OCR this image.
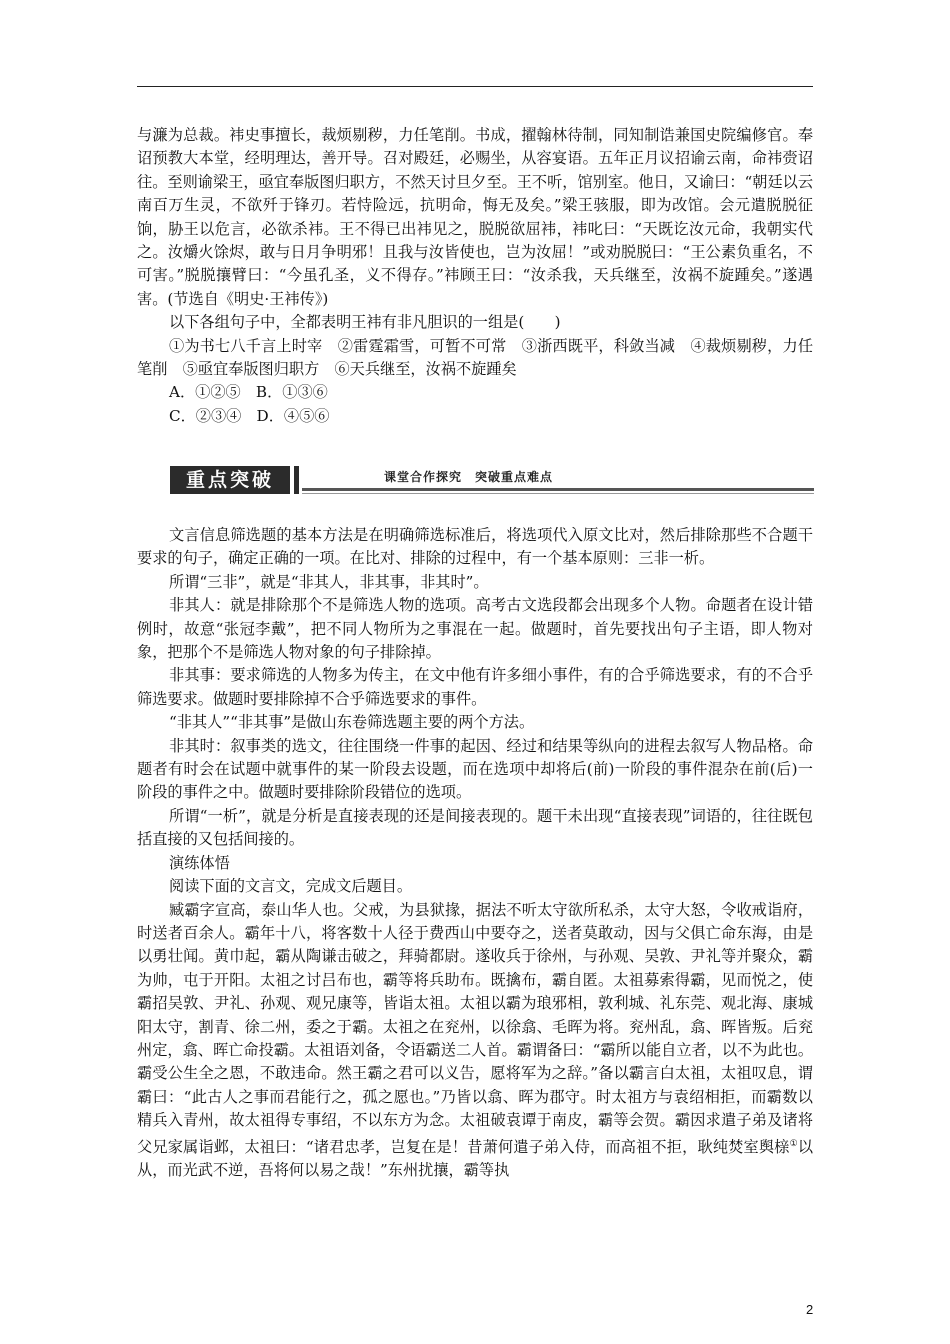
与濂为总裁。袆史事擅长，裁烦剔秽，力任笔削。书成，擢翰林待制，同知制诰兼国史院编修官。奉诏预教大本堂，经明理达，善开导。召对殿廷，必赐坐，从容宴语。五年正月议招谕云南，命袆赍诏往。至则谕梁王，亟宜奉版图归职方，不然天讨旦夕至。王不听，馆别室。他日，又谕曰：“朝廷以云南百万生灵，不欲歼于锋刃。若恃险远，抗明命，悔无及矣。”梁王骇服，即为改馆。会元遣脱脱征饷，胁王以危言，必欲杀袆。王不得已出袆见之，脱脱欲屈袆，袆叱曰：“天既讫汝元命，我朝实代之。汝爝火馀烬，敢与日月争明邪！且我与汝皆使也，岂为汝屈！”或劝脱脱曰：“王公素负重名，不可害。”脱脱攘臂曰：“今虽孔圣，义不得存。”袆顾王曰：“汝杀我，天兵继至，汝祸不旋踵矣。”遂遇害。(节选自《明史·王袆传》)

以下各组句子中，全都表明王袆有非凡胆识的一组是(　　)

①为书七八千言上时宰　②雷霆霜雪，可暂不可常　③浙西既平，科敛当减　④裁烦剔秽，力任笔削　⑤亟宜奉版图归职方　⑥天兵继至，汝祸不旋踵矣

A．①②⑤　B．①③⑥

C．②③④　D．④⑤⑥

重点突破	课堂合作探究　突破重点难点

文言信息筛选题的基本方法是在明确筛选标准后，将选项代入原文比对，然后排除那些不合题干要求的句子，确定正确的一项。在比对、排除的过程中，有一个基本原则：三非一析。

所谓“三非”，就是“非其人，非其事，非其时”。

非其人：就是排除那个不是筛选人物的选项。高考古文选段都会出现多个人物。命题者在设计错例时，故意“张冠李戴”，把不同人物所为之事混在一起。做题时，首先要找出句子主语，即人物对象，把那个不是筛选人物对象的句子排除掉。

非其事：要求筛选的人物多为传主，在文中他有许多细小事件，有的合乎筛选要求，有的不合乎筛选要求。做题时要排除掉不合乎筛选要求的事件。

“非其人”“非其事”是做山东卷筛选题主要的两个方法。

非其时：叙事类的选文，往往围绕一件事的起因、经过和结果等纵向的进程去叙写人物品格。命题者有时会在试题中就事件的某一阶段去设题，而在选项中却将后(前)一阶段的事件混杂在前(后)一阶段的事件之中。做题时要排除阶段错位的选项。

所谓“一析”，就是分析是直接表现的还是间接表现的。题干未出现“直接表现”词语的，往往既包括直接的又包括间接的。

演练体悟

阅读下面的文言文，完成文后题目。

臧霸字宣高，泰山华人也。父戒，为县狱掾，据法不听太守欲所私杀，太守大怒，令收戒诣府，时送者百余人。霸年十八，将客数十人径于费西山中要夺之，送者莫敢动，因与父俱亡命东海，由是以勇壮闻。黄巾起，霸从陶谦击破之，拜骑都尉。遂收兵于徐州，与孙观、吴敦、尹礼等并聚众，霸为帅，屯于开阳。太祖之讨吕布也，霸等将兵助布。既擒布，霸自匿。太祖募索得霸，见而悦之，使霸招吴敦、尹礼、孙观、观兄康等，皆诣太祖。太祖以霸为琅邪相，敦利城、礼东莞、观北海、康城阳太守，割青、徐二州，委之于霸。太祖之在兖州，以徐翕、毛晖为将。兖州乱，翕、晖皆叛。后兖州定，翕、晖亡命投霸。太祖语刘备，令语霸送二人首。霸谓备曰：“霸所以能自立者，以不为此也。霸受公生全之恩，不敢违命。然王霸之君可以义告，愿将军为之辞。”备以霸言白太祖，太祖叹息，谓霸曰：“此古人之事而君能行之，孤之愿也。”乃皆以翕、晖为郡守。时太祖方与袁绍相拒，而霸数以精兵入青州，故太祖得专事绍，不以东方为念。太祖破袁谭于南皮，霸等会贺。霸因求遣子弟及诸将父兄家属诣邺，太祖曰：“诸君忠孝，岂复在是！昔萧何遣子弟入侍，而高祖不拒，耿纯焚室舆榇①以从，而光武不逆，吾将何以易之哉！”东州扰攘，霸等执

2
